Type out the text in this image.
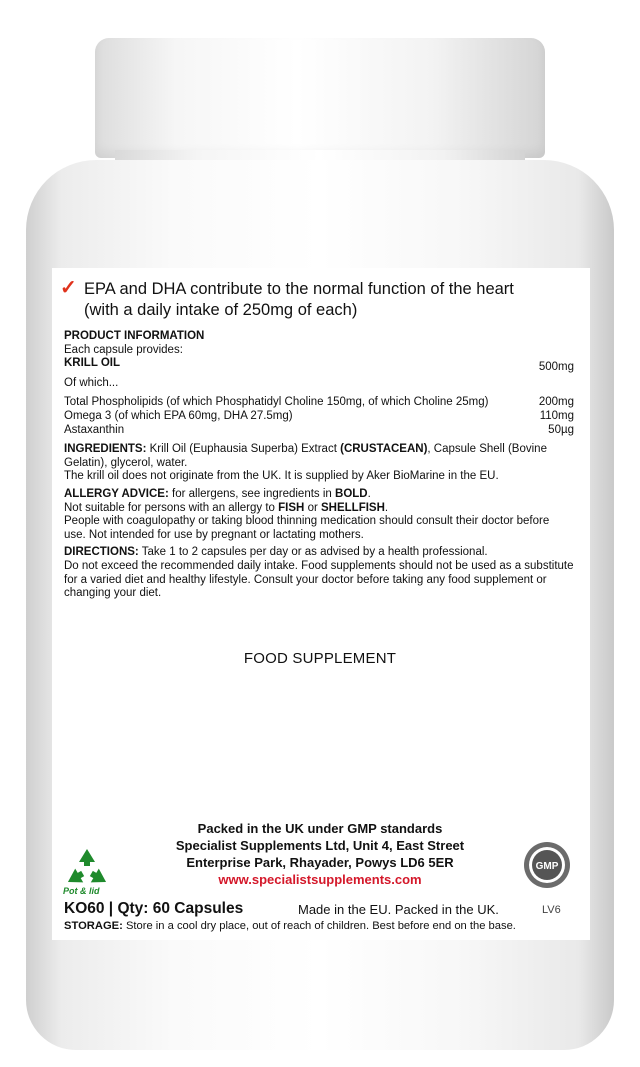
✓ EPA and DHA contribute to the normal function of the heart
(with a daily intake of 250mg of each)
PRODUCT INFORMATION
Each capsule provides:
KRILL OIL	500mg
Of which...
Total Phospholipids (of which Phosphatidyl Choline 150mg, of which Choline 25mg)	200mg
Omega 3 (of which EPA 60mg, DHA 27.5mg)	110mg
Astaxanthin	50µg
INGREDIENTS: Krill Oil (Euphausia Superba) Extract (CRUSTACEAN), Capsule Shell (Bovine Gelatin), glycerol, water.
The krill oil does not originate from the UK. It is supplied by Aker BioMarine in the EU.
ALLERGY ADVICE: for allergens, see ingredients in BOLD.
Not suitable for persons with an allergy to FISH or SHELLFISH.
People with coagulopathy or taking blood thinning medication should consult their doctor before use. Not intended for use by pregnant or lactating mothers.
DIRECTIONS: Take 1 to 2 capsules per day or as advised by a health professional.
Do not exceed the recommended daily intake. Food supplements should not be used as a substitute for a varied diet and healthy lifestyle. Consult your doctor before taking any food supplement or changing your diet.
FOOD SUPPLEMENT
Packed in the UK under GMP standards
Specialist Supplements Ltd, Unit 4, East Street
Enterprise Park, Rhayader, Powys LD6 5ER
www.specialistsupplements.com
Pot & lid
GMP
KO60 | Qty: 60 Capsules	Made in the EU. Packed in the UK.	LV6
STORAGE: Store in a cool dry place, out of reach of children. Best before end on the base.
